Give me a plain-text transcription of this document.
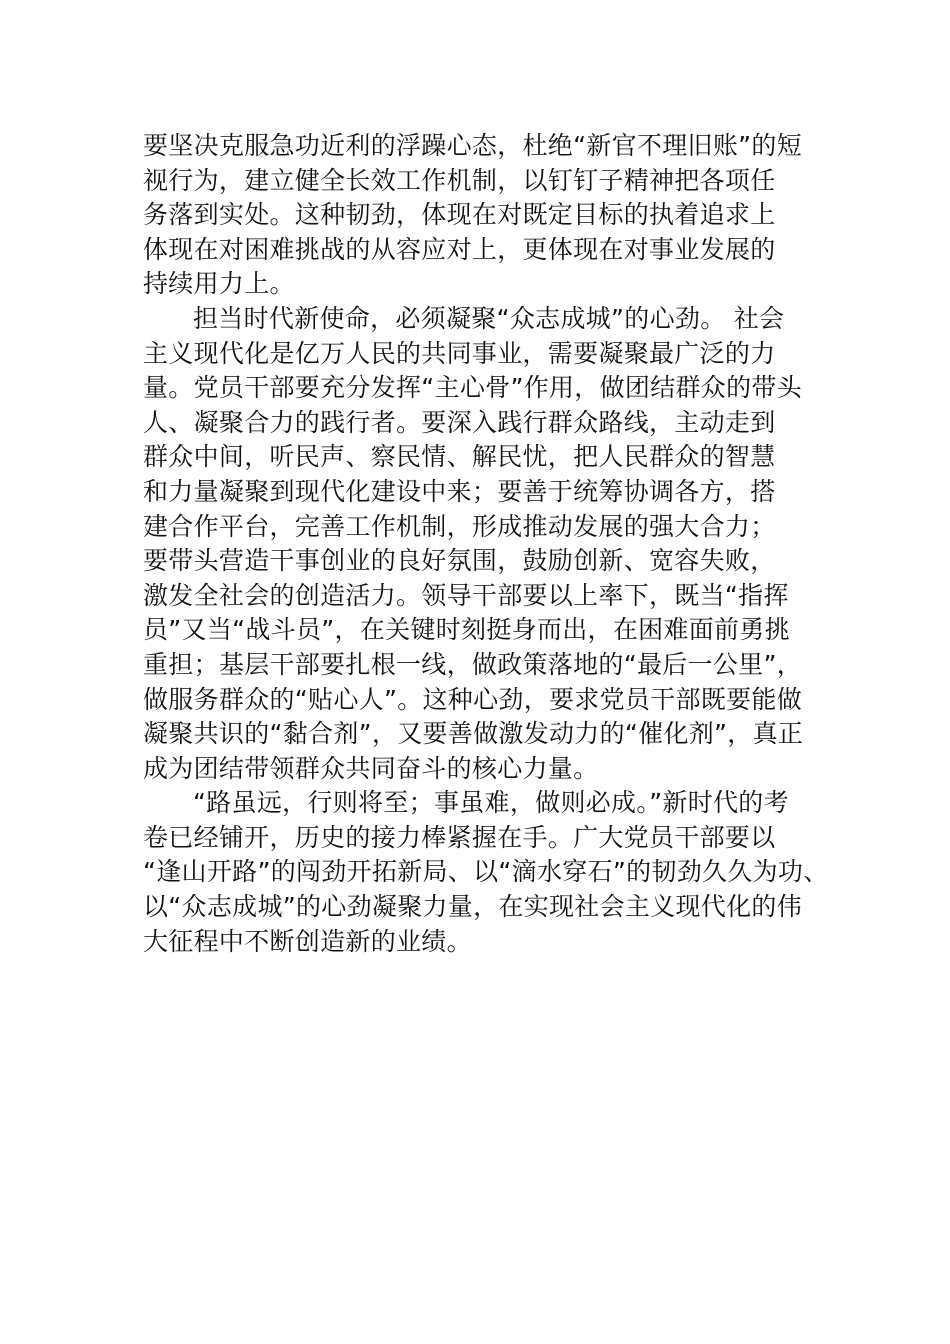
要坚决克服急功近利的浮躁心态，杜绝“新官不理旧账”的短
视行为，建立健全长效工作机制，以钉钉子精神把各项任
务落到实处。这种韧劲，体现在对既定目标的执着追求上
体现在对困难挑战的从容应对上，更体现在对事业发展的
持续用力上。
担当时代新使命，必须凝聚“众志成城”的心劲。 社会
主义现代化是亿万人民的共同事业，需要凝聚最广泛的力
量。党员干部要充分发挥“主心骨”作用，做团结群众的带头
人、凝聚合力的践行者。要深入践行群众路线，主动走到
群众中间，听民声、察民情、解民忧，把人民群众的智慧
和力量凝聚到现代化建设中来；要善于统筹协调各方，搭
建合作平台，完善工作机制，形成推动发展的强大合力；
要带头营造干事创业的良好氛围，鼓励创新、宽容失败，
激发全社会的创造活力。领导干部要以上率下，既当“指挥
员”又当“战斗员”，在关键时刻挺身而出，在困难面前勇挑
重担；基层干部要扎根一线，做政策落地的“最后一公里”，
做服务群众的“贴心人”。这种心劲，要求党员干部既要能做
凝聚共识的“黏合剂”，又要善做激发动力的“催化剂”，真正
成为团结带领群众共同奋斗的核心力量。
“路虽远，行则将至；事虽难，做则必成。”新时代的考
卷已经铺开，历史的接力棒紧握在手。广大党员干部要以
“逢山开路”的闯劲开拓新局、以“滴水穿石”的韧劲久久为功、
以“众志成城”的心劲凝聚力量，在实现社会主义现代化的伟
大征程中不断创造新的业绩。
